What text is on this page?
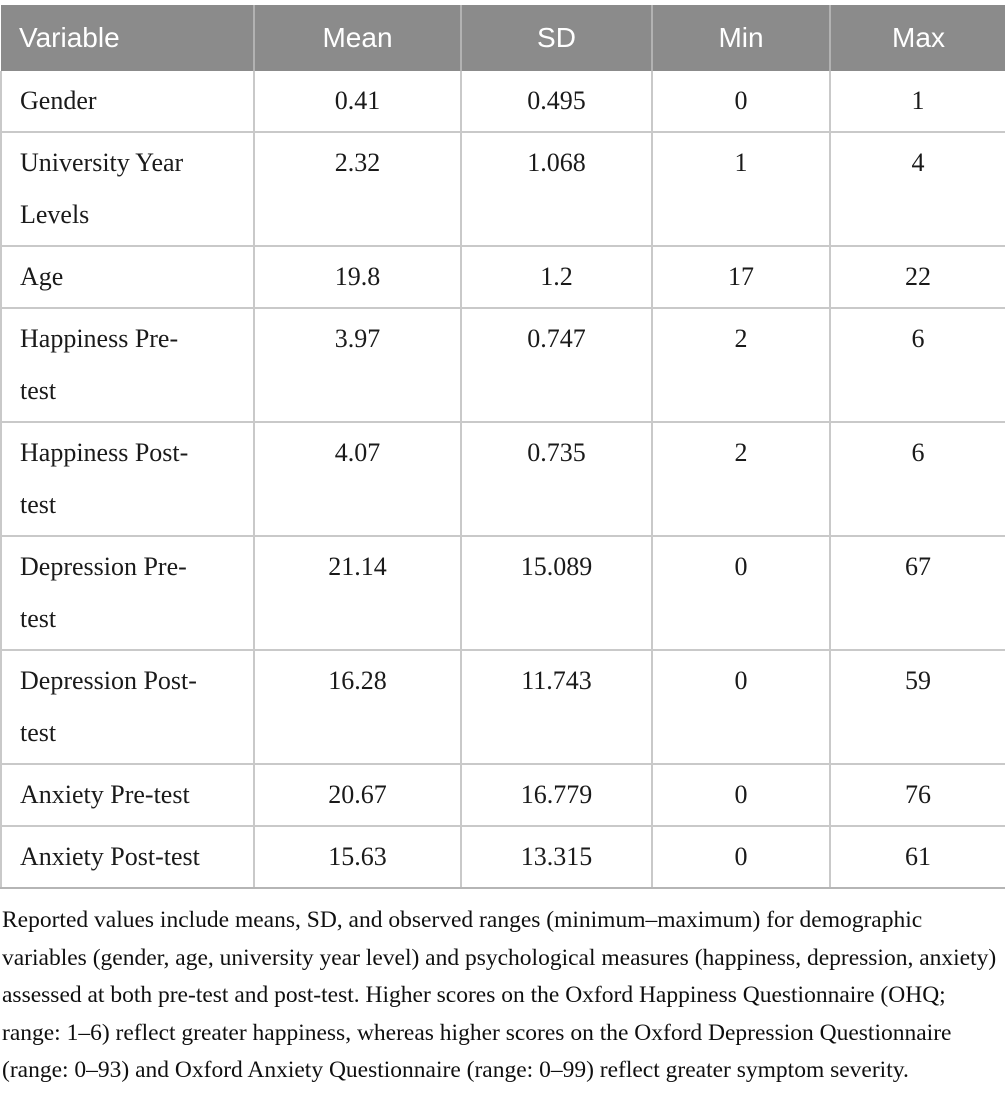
Variable	Mean	SD	Min	Max
Gender	0.41	0.495	0	1
University Year Levels	2.32	1.068	1	4
Age	19.8	1.2	17	22
Happiness Pre-test	3.97	0.747	2	6
Happiness Post-test	4.07	0.735	2	6
Depression Pre-test	21.14	15.089	0	67
Depression Post-test	16.28	11.743	0	59
Anxiety Pre-test	20.67	16.779	0	76
Anxiety Post-test	15.63	13.315	0	61
Reported values include means, SD, and observed ranges (minimum–maximum) for demographic variables (gender, age, university year level) and psychological measures (happiness, depression, anxiety) assessed at both pre-test and post-test. Higher scores on the Oxford Happiness Questionnaire (OHQ; range: 1–6) reflect greater happiness, whereas higher scores on the Oxford Depression Questionnaire (range: 0–93) and Oxford Anxiety Questionnaire (range: 0–99) reflect greater symptom severity.
